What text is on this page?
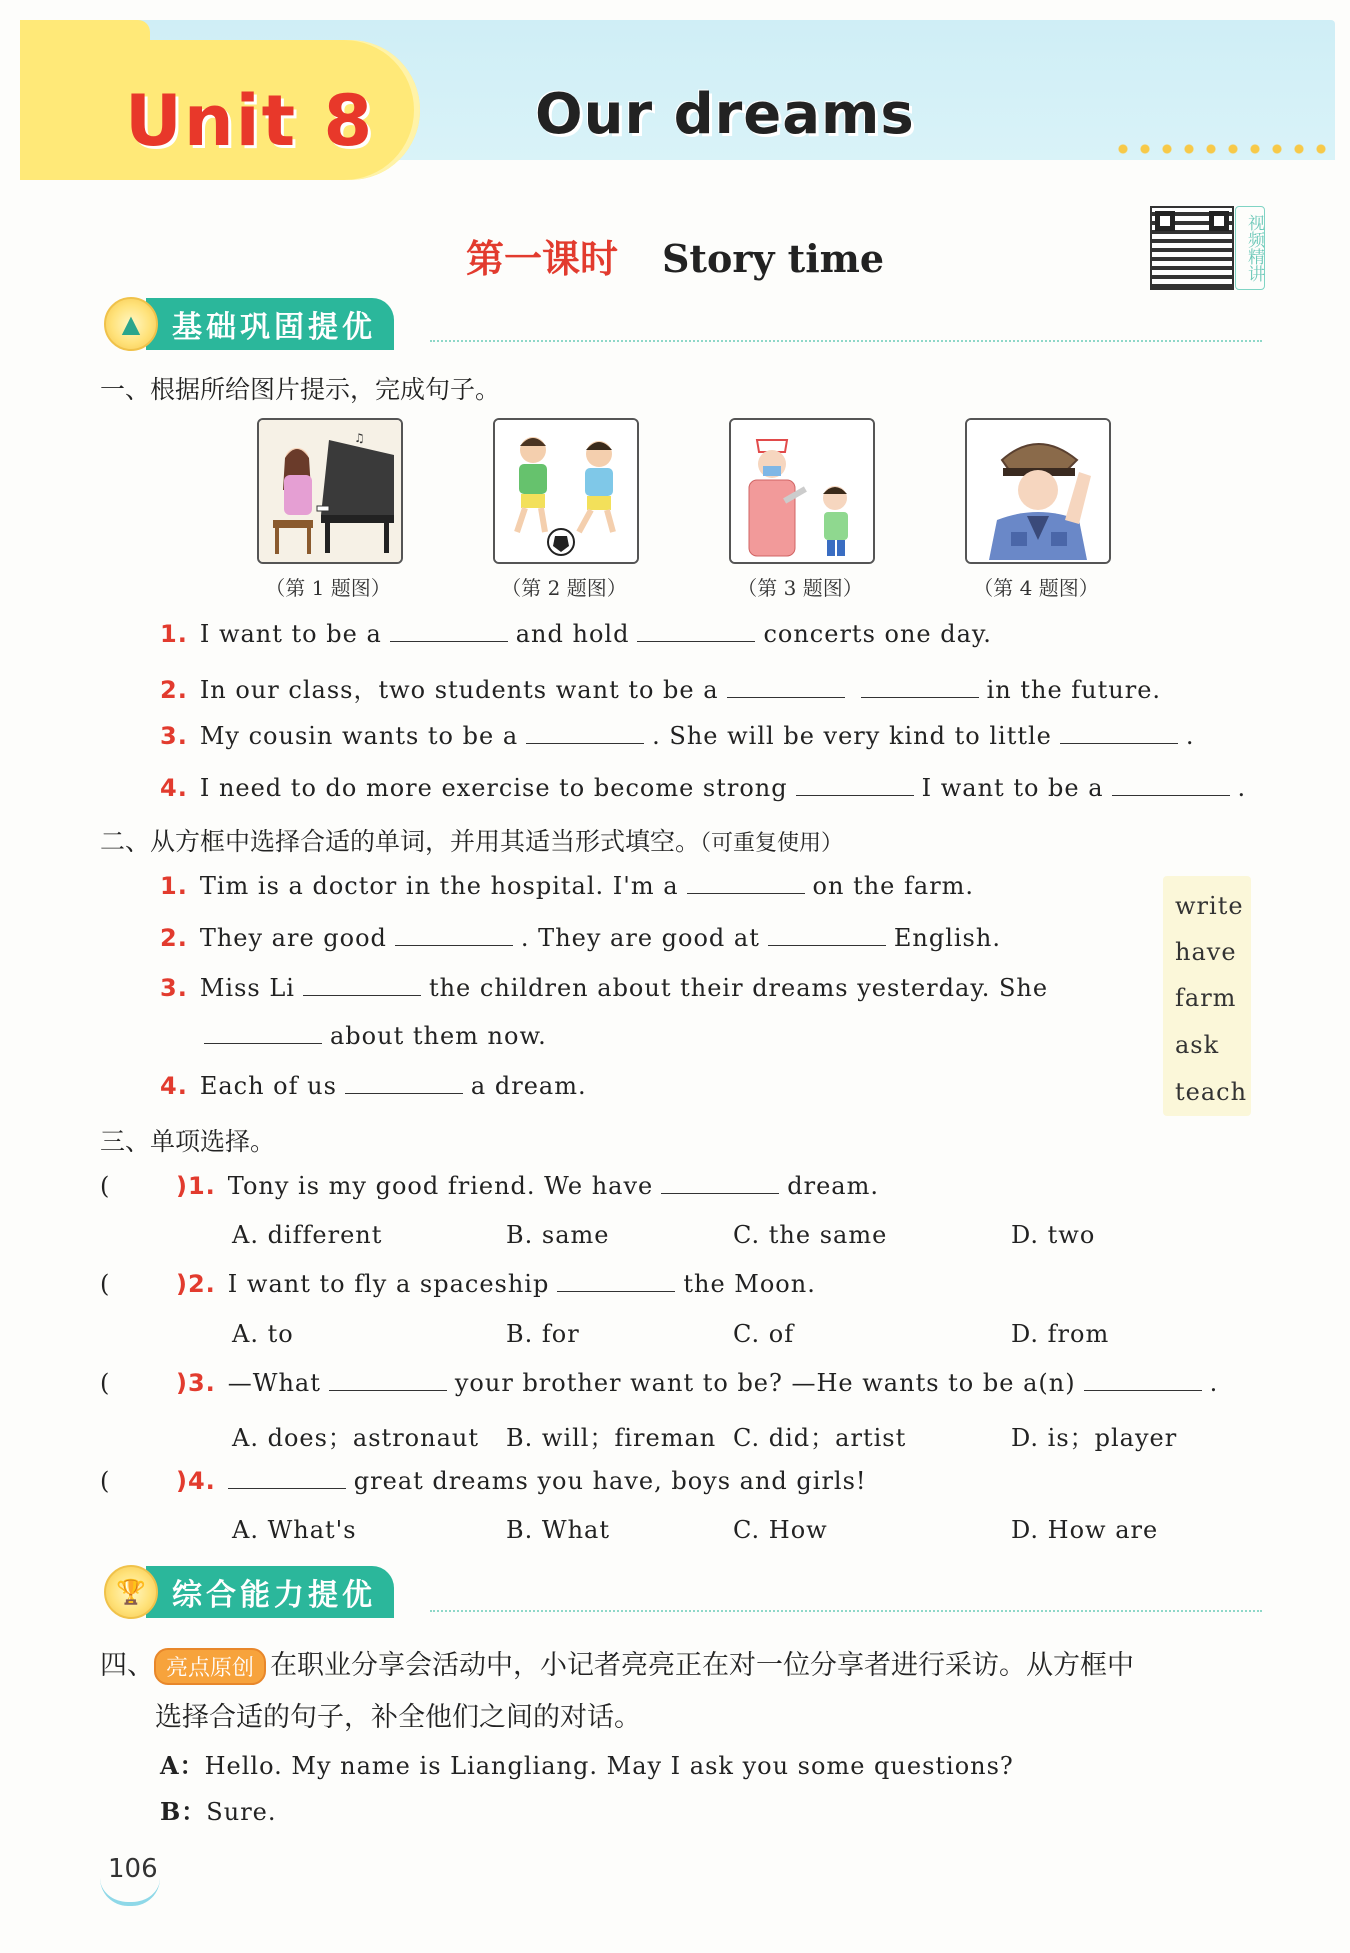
Unit 8	Our dreams
第一课时 Story time	视频精讲
▲	基础巩固提优
一、根据所给图片提示，完成句子。
♫
（第 1 题图）	（第 2 题图）	（第 3 题图）	（第 4 题图）
1. I want to be a	and hold	concerts one day.
2. In our class，two students want to be a	in the future.
3. My cousin wants to be a	. She will be very kind to little	.
4. I need to do more exercise to become strong	I want to be a	.
二、从方框中选择合适的单词，并用其适当形式填空。（可重复使用）
write
have
farm
ask
teach
1. Tim is a doctor in the hospital. I'm a	on the farm.
2. They are good	. They are good at	English.
3. Miss Li	the children about their dreams yesterday. She
about them now.
4. Each of us	a dream.
三、单项选择。
(	)1. Tony is my good friend. We have	dream.
A. different	B. same	C. the same	D. two
(	)2. I want to fly a spaceship	the Moon.
A. to	B. for	C. of	D. from
(	)3. —What	your brother want to be? —He wants to be a(n)	.
A. does；astronaut B. will；fireman C. did；artist	D. is；player
(	)4.	great dreams you have, boys and girls!
A. What's	B. What	C. How	D. How are
🏆 综合能力提优
四、 亮点原创 在职业分享会活动中，小记者亮亮正在对一位分享者进行采访。从方框中
选择合适的句子，补全他们之间的对话。
A：Hello. My name is Liangliang. May I ask you some questions?
B：Sure.
106
